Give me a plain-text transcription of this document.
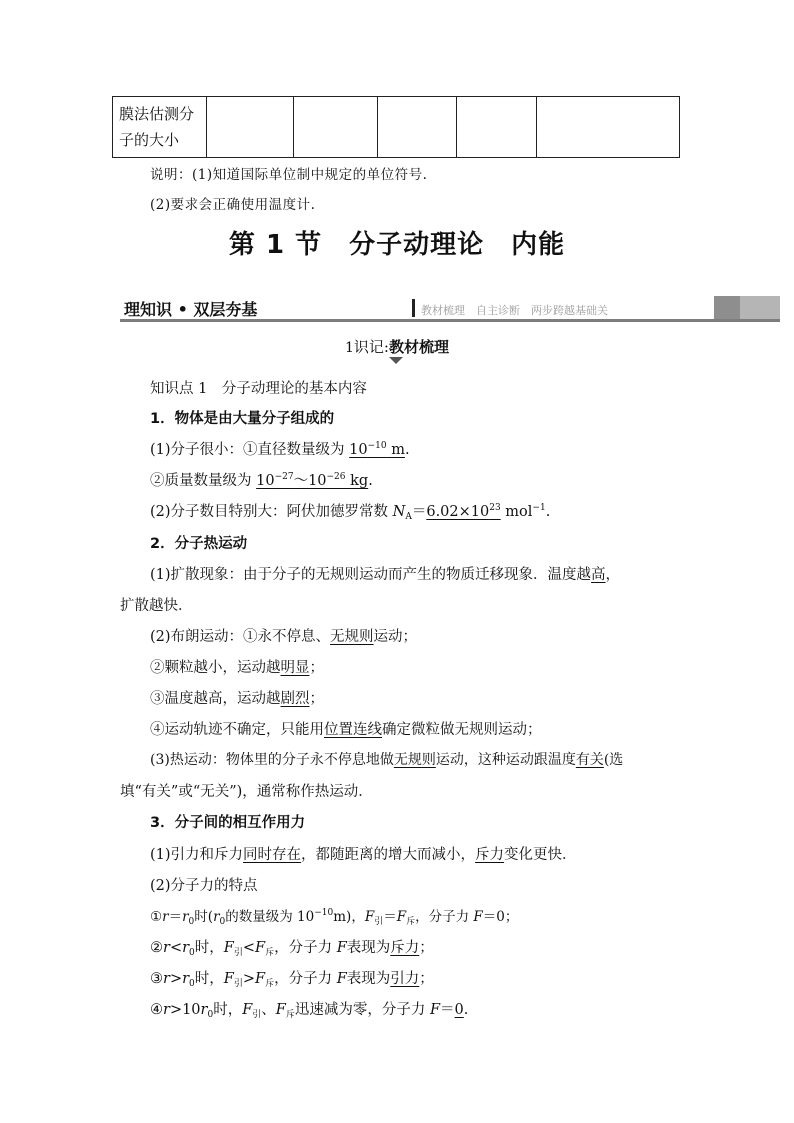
膜法估测分
子的大小
说明：(1)知道国际单位制中规定的单位符号.
(2)要求会正确使用温度计.
第 1 节　分子动理论　内能
理知识 • 双层夯基	教材梳理　自主诊断　两步跨越基础关
1识记:教材梳理
知识点 1　分子动理论的基本内容
1．物体是由大量分子组成的
(1)分子很小：①直径数量级为 $10^{-10}$ m.
②质量数量级为 $10^{-27}\sim 10^{-26}$ kg.
(2)分子数目特别大：阿伏加德罗常数 $N_A=6.02\times 10^{23}$ mol$^{-1}$.
2．分子热运动
(1)扩散现象：由于分子的无规则运动而产生的物质迁移现象．温度越高，
扩散越快．
(2)布朗运动：①永不停息、无规则运动；
②颗粒越小，运动越明显；
③温度越高，运动越剧烈；
④运动轨迹不确定，只能用位置连线确定微粒做无规则运动；
(3)热运动：物体里的分子永不停息地做无规则运动，这种运动跟温度有关(选
填“有关”或“无关”)，通常称作热运动．
3．分子间的相互作用力
(1)引力和斥力同时存在，都随距离的增大而减小，斥力变化更快．
(2)分子力的特点
$①r=r_0$时($r_0$的数量级为 $10^{-10}m$)，$F_引=F_斥$，分子力 F＝0；
$②r<r_0$时，$F_引<F_斥$，分子力 F表现为斥力；
$③r>r_0$时，$F_引>F_斥$，分子力 F表现为引力；
$④r>10r_0$时，$F_引$、$F_斥$迅速减为零，分子力 F＝0.
